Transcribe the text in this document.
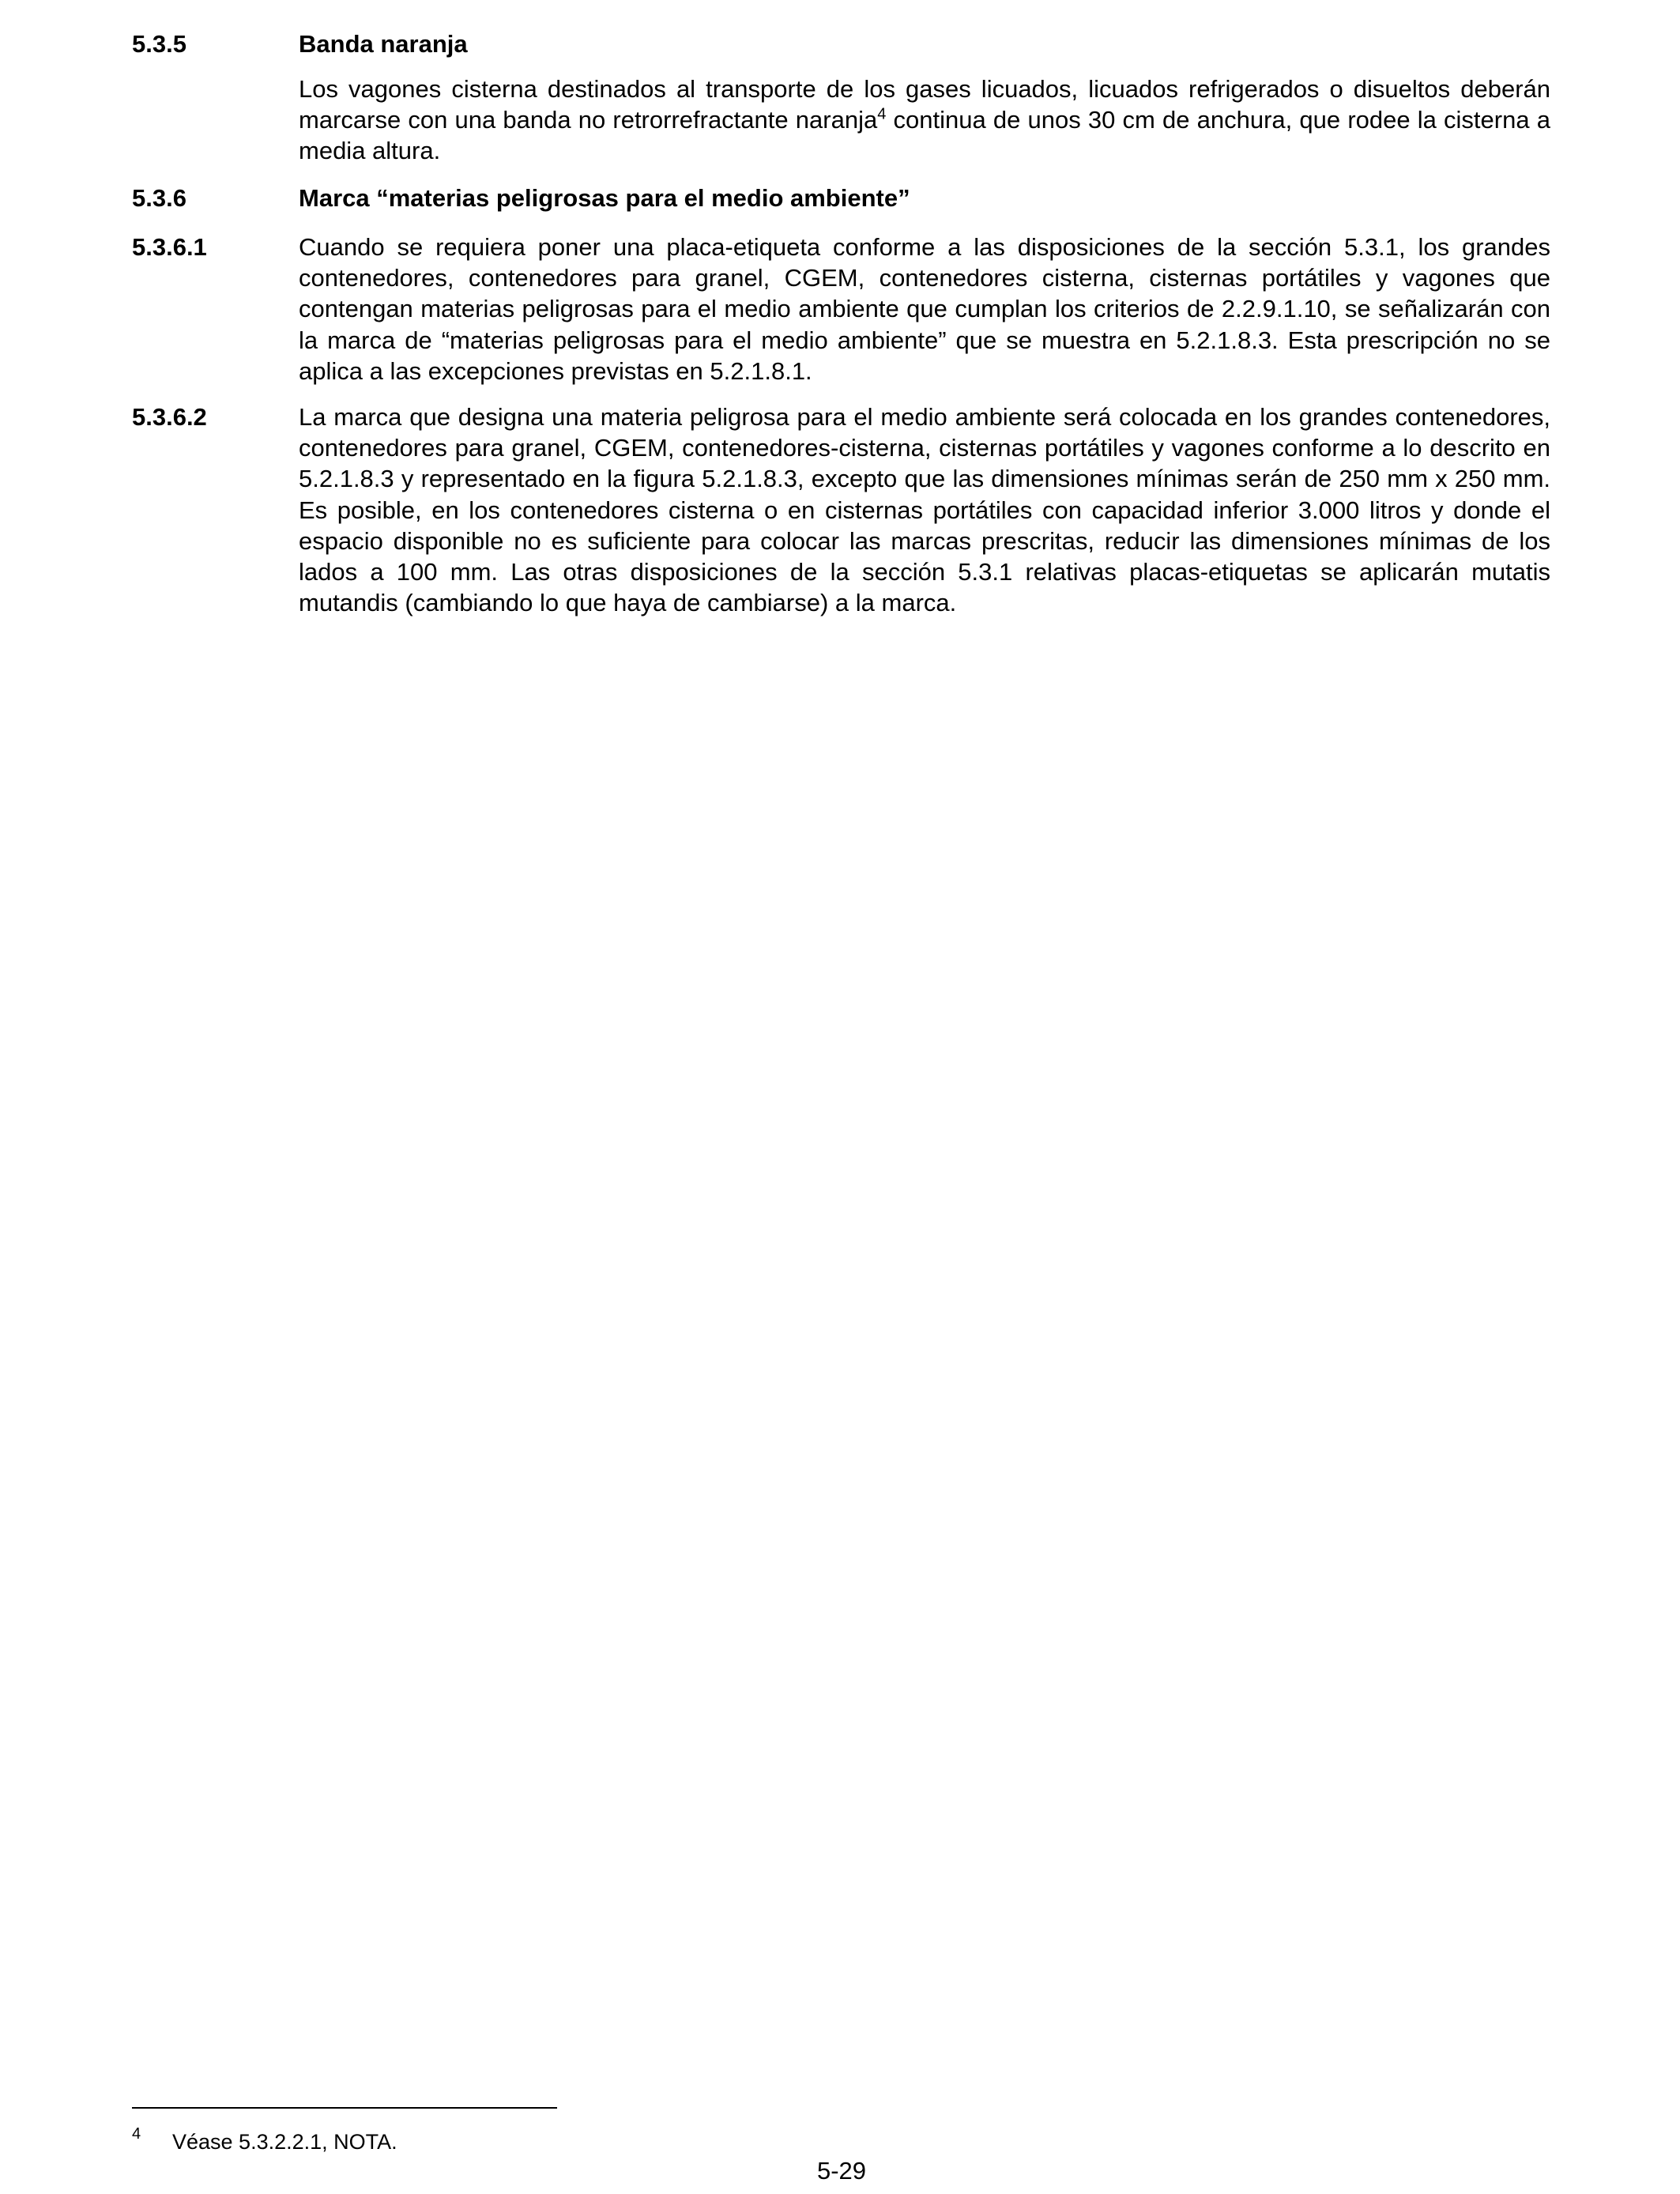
5.3.5	Banda naranja

Los vagones cisterna destinados al transporte de los gases licuados, licuados refrigerados o disueltos deberán marcarse con una banda no retrorrefractante naranja$^4$ continua de unos 30 cm de anchura, que rodee la cisterna a media altura.

5.3.6	Marca “materias peligrosas para el medio ambiente”
5.3.6.1	Cuando se requiera poner una placa-etiqueta conforme a las disposiciones de la sección 5.3.1, los grandes contenedores, contenedores para granel, CGEM, contenedores cisterna, cisternas portátiles y vagones que contengan materias peligrosas para el medio ambiente que cumplan los criterios de 2.2.9.1.10, se señalizarán con la marca de “materias peligrosas para el medio ambiente” que se muestra en 5.2.1.8.3. Esta prescripción no se aplica a las excepciones previstas en 5.2.1.8.1.

5.3.6.2	La marca que designa una materia peligrosa para el medio ambiente será colocada en los grandes contenedores, contenedores para granel, CGEM, contenedores-cisterna, cisternas portátiles y vagones conforme a lo descrito en 5.2.1.8.3 y representado en la figura 5.2.1.8.3, excepto que las dimensiones mínimas serán de 250 mm x 250 mm. Es posible, en los contenedores cisterna o en cisternas portátiles con capacidad inferior 3.000 litros y donde el espacio disponible no es suficiente para colocar las marcas prescritas, reducir las dimensiones mínimas de los lados a 100 mm. Las otras disposiciones de la sección 5.3.1 relativas placas-etiquetas se aplicarán mutatis mutandis (cambiando lo que haya de cambiarse) a la marca.

4 Véase 5.3.2.2.1, NOTA.
5-29
